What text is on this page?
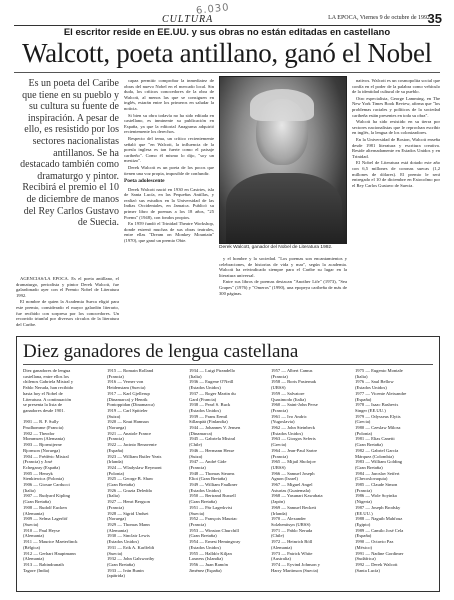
6.030
CULTURA	LA EPOCA, Viernes 9 de octubre de 1992
35
El escritor reside en EE.UU. y sus obras no están editadas en castellano
Walcott, poeta antillano, ganó el Nobel
Es un poeta del Caribe que tiene en su pueblo y su cultura su fuente de inspiración. A pesar de ello, es resistido por los sectores nacionalistas antillanos. Se ha destacado también como dramaturgo y pintor. Recibirá el premio el 10 de diciembre de manos del Rey Carlos Gustavo de Suecia.

AGENCIAS/LA EPOCA. Es el poeta antillano, el dramaturgo, periodista y pintor Derek Walcott, fue galardonado ayer con el Premio Nobel de Literatura 1992.

El nombre de quien la Academia Sueca eligió para este premio, considerado el mayor galardón literario, fue recibido con sorpresa por los conocedores. Un recorrido triunfal por diversos círculos de la literatura del Caribe.

capaz permitir comprobar la inmediatez de obras del nuevo Nobel en el mercado local. Sin duda, los críticos conocedores de la obra de Walcott, al menos las que se consiguen en inglés, estarán entre los primeros en saludar la noticia.

Si bien su obra todavía no ha sido editada en castellano, es inminente su publicación en España, ya que la editorial Anagrama adquirió recientemente los derechos.

Respecto del tema, un crítico recientemente señaló que "en Walcott, la influencia de la poesía inglesa es tan fuerte como el paisaje caribeño". Como él mismo lo dijo, "soy un mestizo".

Derek Walcott es un poeta de los pocos que tienen una voz propia, imposible de confundir.

Poeta adolescente

Derek Walcott nació en 1930 en Castries, isla de Santa Lucía, en las Pequeñas Antillas, y realizó sus estudios en la Universidad de las Indias Occidentales, en Jamaica. Publicó su primer libro de poemas a los 18 años, "25 Poems" (1948), con fondos propios.

En 1959 fundó el Trinidad Theatre Workshop, donde estrenó muchas de sus obras teatrales, entre ellas "Dream on Monkey Mountain" (1970), que ganó un premio Obie.

Derek Walcott, ganador del Nobel de Literatura 1992.

y el hombre y la sociedad. "Los poemas son encantamientos y celebraciones, de historias de vida y mar", según la academia. Walcott ha reivindicado siempre para el Caribe su lugar en la literatura universal.

Entre sus libros de poemas destacan "Another Life" (1973), "Sea Grapes" (1976) y "Omeros" (1990), una epopeya caribeña de más de 300 páginas.

nativos. Walcott es un cosmopolita social que confía en el poder de la palabra como vehículo de la identidad cultural de su pueblo.

Otro especialista, George Lamming, en The New York Times Book Review, afirma que "los problemas raciales y políticos de la sociedad caribeña están presentes en toda su obra".

Walcott ha sido resistido en su tierra por sectores nacionalistas que le reprochan escribir en inglés, la lengua de los colonizadores.

En la Universidad de Boston, Walcott enseña desde 1981 literatura y escritura creativa. Reside alternadamente en Estados Unidos y en Trinidad.

El Nobel de Literatura está dotado este año con 6,5 millones de coronas suecas (1,2 millones de dólares). El premio le será entregado el 10 de diciembre en Estocolmo por el Rey Carlos Gustavo de Suecia.

Diez ganadores de lengua castellana
Diez ganadores de lengua
castellana, entre ellos los
chilenos Gabriela Mistral y
Pablo Neruda, han recibido
hasta hoy el Nobel de
Literatura. A continuación
se presenta la lista de
ganadores desde 1901.

1901 — R. F. Sully
Prudhomme (Francia)
1902 — Theodor
Mommsen (Alemania)
1903 — Bjornstjerne
Bjornson (Noruega)
1904 — Frédéric Mistral
(Francia) y José
Echegaray (España)
1905 — Henryk
Sienkiewicz (Polonia)
1906 — Giosue Carducci
(Italia)
1907 — Rudyard Kipling
(Gran Bretaña)
1908 — Rudolf Eucken
(Alemania)
1909 — Selma Lagerlöf
(Suecia)
1910 — Paul Heyse
(Alemania)
1911 — Maurice Maeterlinck
(Bélgica)
1912 — Gerhart Hauptmann
(Alemania)
1913 — Rabindranath
Tagore (India)
1915 — Romain Rolland
(Francia)
1916 — Verner von
Heidenstam (Suecia)
1917 — Karl Gjellerup
(Dinamarca) y Henrik
Pontoppidan (Dinamarca)
1919 — Carl Spitteler
(Suiza)
1920 — Knut Hamsun
(Noruega)
1921 — Anatole France
(Francia)
1922 — Jacinto Benavente
(España)
1923 — William Butler Yeats
(Irlanda)
1924 — Wladyslaw Reymont
(Polonia)
1925 — George B. Shaw
(Gran Bretaña)
1926 — Grazia Deledda
(Italia)
1927 — Henri Bergson
(Francia)
1928 — Sigrid Undset
(Noruega)
1929 — Thomas Mann
(Alemania)
1930 — Sinclair Lewis
(Estados Unidos)
1931 — Erik A. Karlfeldt
(Suecia)
1932 — John Galsworthy
(Gran Bretaña)
1933 — Iván Bunin
(apátrida)
1934 — Luigi Pirandello
(Italia)
1936 — Eugene O'Neill
(Estados Unidos)
1937 — Roger Martin du
Gard (Francia)
1938 — Pearl S. Buck
(Estados Unidos)
1939 — Frans Eemil
Sillanpää (Finlandia)
1944 — Johannes V. Jensen
(Dinamarca)
1945 — Gabriela Mistral
(Chile)
1946 — Hermann Hesse
(Suiza)
1947 — André Gide
(Francia)
1948 — Thomas Stearns
Eliot (Gran Bretaña)
1949 — William Faulkner
(Estados Unidos)
1950 — Bertrand Russell
(Gran Bretaña)
1951 — Pär Lagerkvist
(Suecia)
1952 — François Mauriac
(Francia)
1953 — Winston Churchill
(Gran Bretaña)
1954 — Ernest Hemingway
(Estados Unidos)
1955 — Halldór Kiljan
Laxness (Islandia)
1956 — Juan Ramón
Jiménez (España)
1957 — Albert Camus
(Francia)
1958 — Boris Pasternak
(URSS)
1959 — Salvatore
Quasimodo (Italia)
1960 — Saint-John Perse
(Francia)
1961 — Ivo Andric
(Yugoslavia)
1962 — John Steinbeck
(Estados Unidos)
1963 — Giorgos Seferis
(Grecia)
1964 — Jean-Paul Sartre
(Francia)
1965 — Mijail Sholojov
(URSS)
1966 — Samuel Joseph
Agnon (Israel)
1967 — Miguel Angel
Asturias (Guatemala)
1968 — Yasunari Kawabata
(Japón)
1969 — Samuel Beckett
(Irlanda)
1970 — Alexander
Solzhenitsyn (URSS)
1971 — Pablo Neruda
(Chile)
1972 — Heinrich Böll
(Alemania)
1973 — Patrick White
(Australia)
1974 — Eyvind Johnson y
Harry Martinson (Suecia)
1975 — Eugenio Montale
(Italia)
1976 — Saul Bellow
(Estados Unidos)
1977 — Vicente Aleixandre
(España)
1978 — Isaac Bashevis
Singer (EE.UU.)
1979 — Odysseus Elytis
(Grecia)
1980 — Czeslaw Milosz
(Polonia)
1981 — Elias Canetti
(Gran Bretaña)
1982 — Gabriel García
Márquez (Colombia)
1983 — William Golding
(Gran Bretaña)
1984 — Jaroslav Seifert
(Checoslovaquia)
1985 — Claude Simon
(Francia)
1986 — Wole Soyinka
(Nigeria)
1987 — Joseph Brodsky
(EE.UU.)
1988 — Naguib Mahfouz
(Egipto)
1989 — Camilo José Cela
(España)
1990 — Octavio Paz
(México)
1991 — Nadine Gordimer
(Sudáfrica)
1992 — Derek Walcott
(Santa Lucía)
